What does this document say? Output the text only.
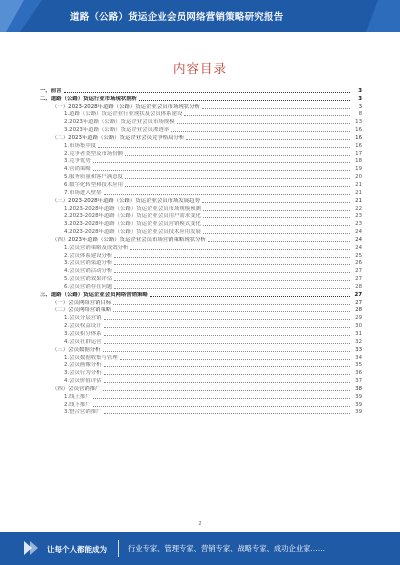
道路（公路）货运企业会员网络营销策略研究报告
内容目录
一、前言	3
二、道路（公路）货运行业市场现状剖析	3
（一）2023-2028年道路（公路）货运企业会员市场现状分析	3
1.道路（公路）货运企业行业现状及会员体系建设	8
2.2023年道路（公路）货运企业会员市场规模	13
3.2023年道路（公路）货运企业会员渗透率	16
（二）2023年道路（公路）货运企业会员竞争格局分析	16
1.市场集中度	16
2.竞争者类型及市场份额	17
3.竞争优势	18
4.营销策略	19
5.服务质量和客户满意度	20
6.数字化转型和技术应用	21
7.市场进入壁垒	21
（三）2023-2028年道路（公路）货运企业会员市场发展趋势	21
1.2023-2028年道路（公路）货运企业会员市场规模预测	22
2.2023-2028年道路（公路）货运企业会员用户需求变化	23
3.2023-2028年道路（公路）货运企业会员营销模式变化	23
4.2023-2028年道路（公路）货运企业会员技术应用发展	24
（四）2023年道路（公路）货运企业会员市场营销策略现状分析	24
1.会员营销策略及成效分析	24
2.会员体系建设分析	25
3.会员营销渠道分析	26
4.会员营销活动分析	27
5.会员营销效果评估	27
6.会员营销存在问题	28
三、道路（公路）货运企业会员网络营销策略	27
（一）会员网络营销目标	27
（二）会员网络营销策略	28
1.会员分层营销	29
2.会员权益设计	30
3.会员积分体系	31
4.会员社群运营	32
（三）会员数据分析	33
1.会员数据收集与管理	34
2.会员画像分析	35
3.会员行为分析	36
4.会员价值评估	37
（四）会员营销推广	38
1.线上推广	39
2.线下推广	39
3.整合营销推广	39
2
让每个人都能成为	行业专家、管理专家、营销专家、战略专家、成功企业家……
